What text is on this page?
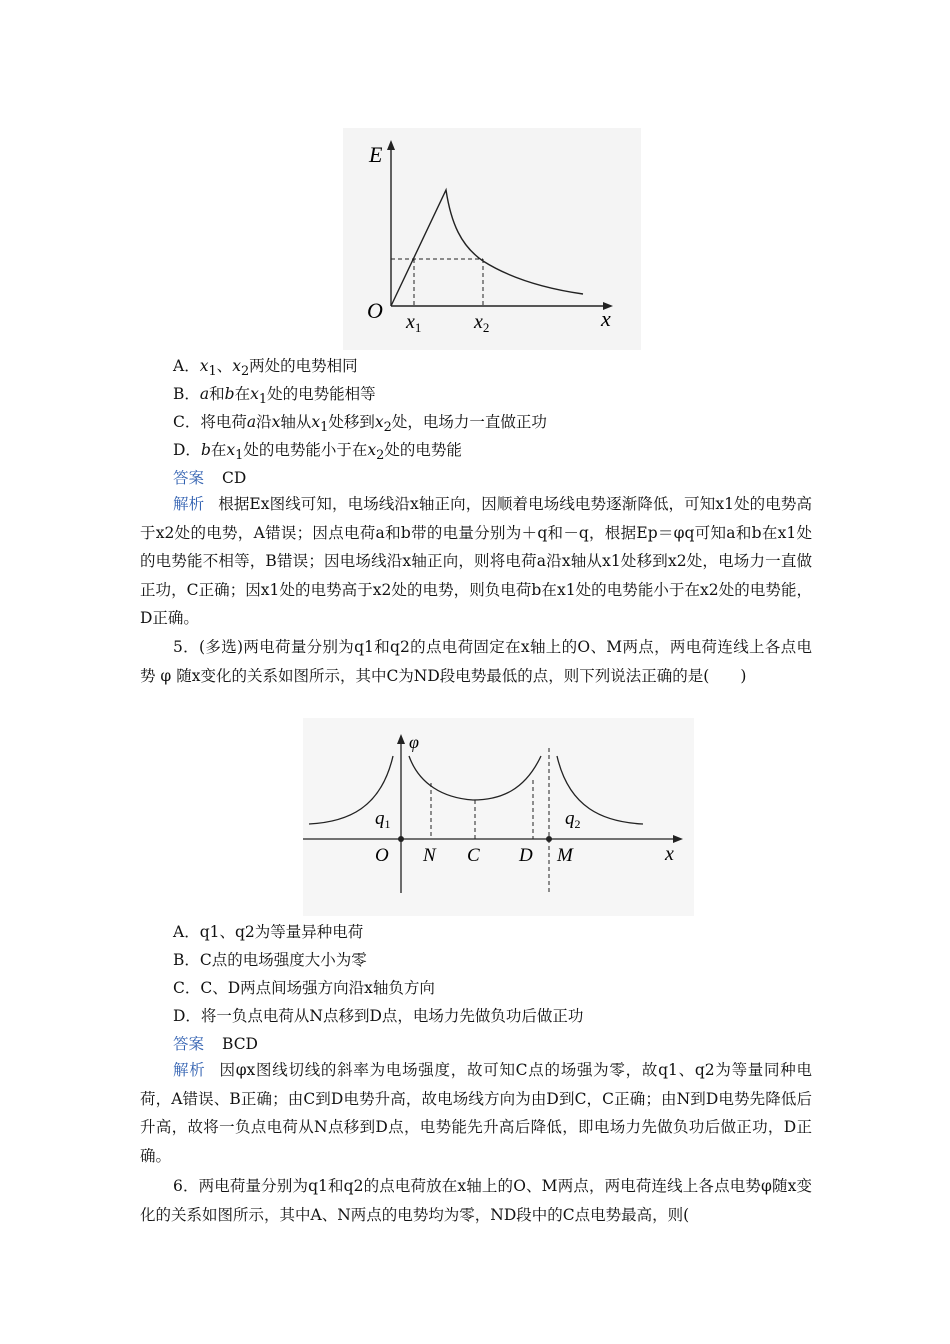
E
O	x
$x_1$	$x_2$
A．$x_1$、$x_2$两处的电势相同
B．a和b在$x_1$处的电势能相等
C．将电荷a沿x轴从$x_1$处移到$x_2$处，电场力一直做正功
D．b在$x_1$处的电势能小于在$x_2$处的电势能
答案 CD
解析 根据Ex图线可知，电场线沿x轴正向，因顺着电场线电势逐渐降低，可知x1处的电势高于x2处的电势，A错误；因点电荷a和b带的电量分别为＋q和－q，根据Ep＝φq可知a和b在x1处的电势能不相等，B错误；因电场线沿x轴正向，则将电荷a沿x轴从x1处移到x2处，电场力一直做正功，C正确；因x1处的电势高于x2处的电势，则负电荷b在x1处的电势能小于在x2处的电势能，D正确。
5．(多选)两电荷量分别为q1和q2的点电荷固定在x轴上的O、M两点，两电荷连线上各点电势 φ 随x变化的关系如图所示，其中C为ND段电势最低的点，则下列说法正确的是(　　)
φ
x
$q_1$	$q_2$
O N C D M
A．q1、q2为等量异种电荷
B．C点的电场强度大小为零
C．C、D两点间场强方向沿x轴负方向
D．将一负点电荷从N点移到D点，电场力先做负功后做正功
答案 BCD
解析 因φx图线切线的斜率为电场强度，故可知C点的场强为零，故q1、q2为等量同种电荷，A错误、B正确；由C到D电势升高，故电场线方向为由D到C，C正确；由N到D电势先降低后升高，故将一负点电荷从N点移到D点，电势能先升高后降低，即电场力先做负功后做正功，D正确。
6．两电荷量分别为q1和q2的点电荷放在x轴上的O、M两点，两电荷连线上各点电势φ随x变化的关系如图所示，其中A、N两点的电势均为零，ND段中的C点电势最高，则(
